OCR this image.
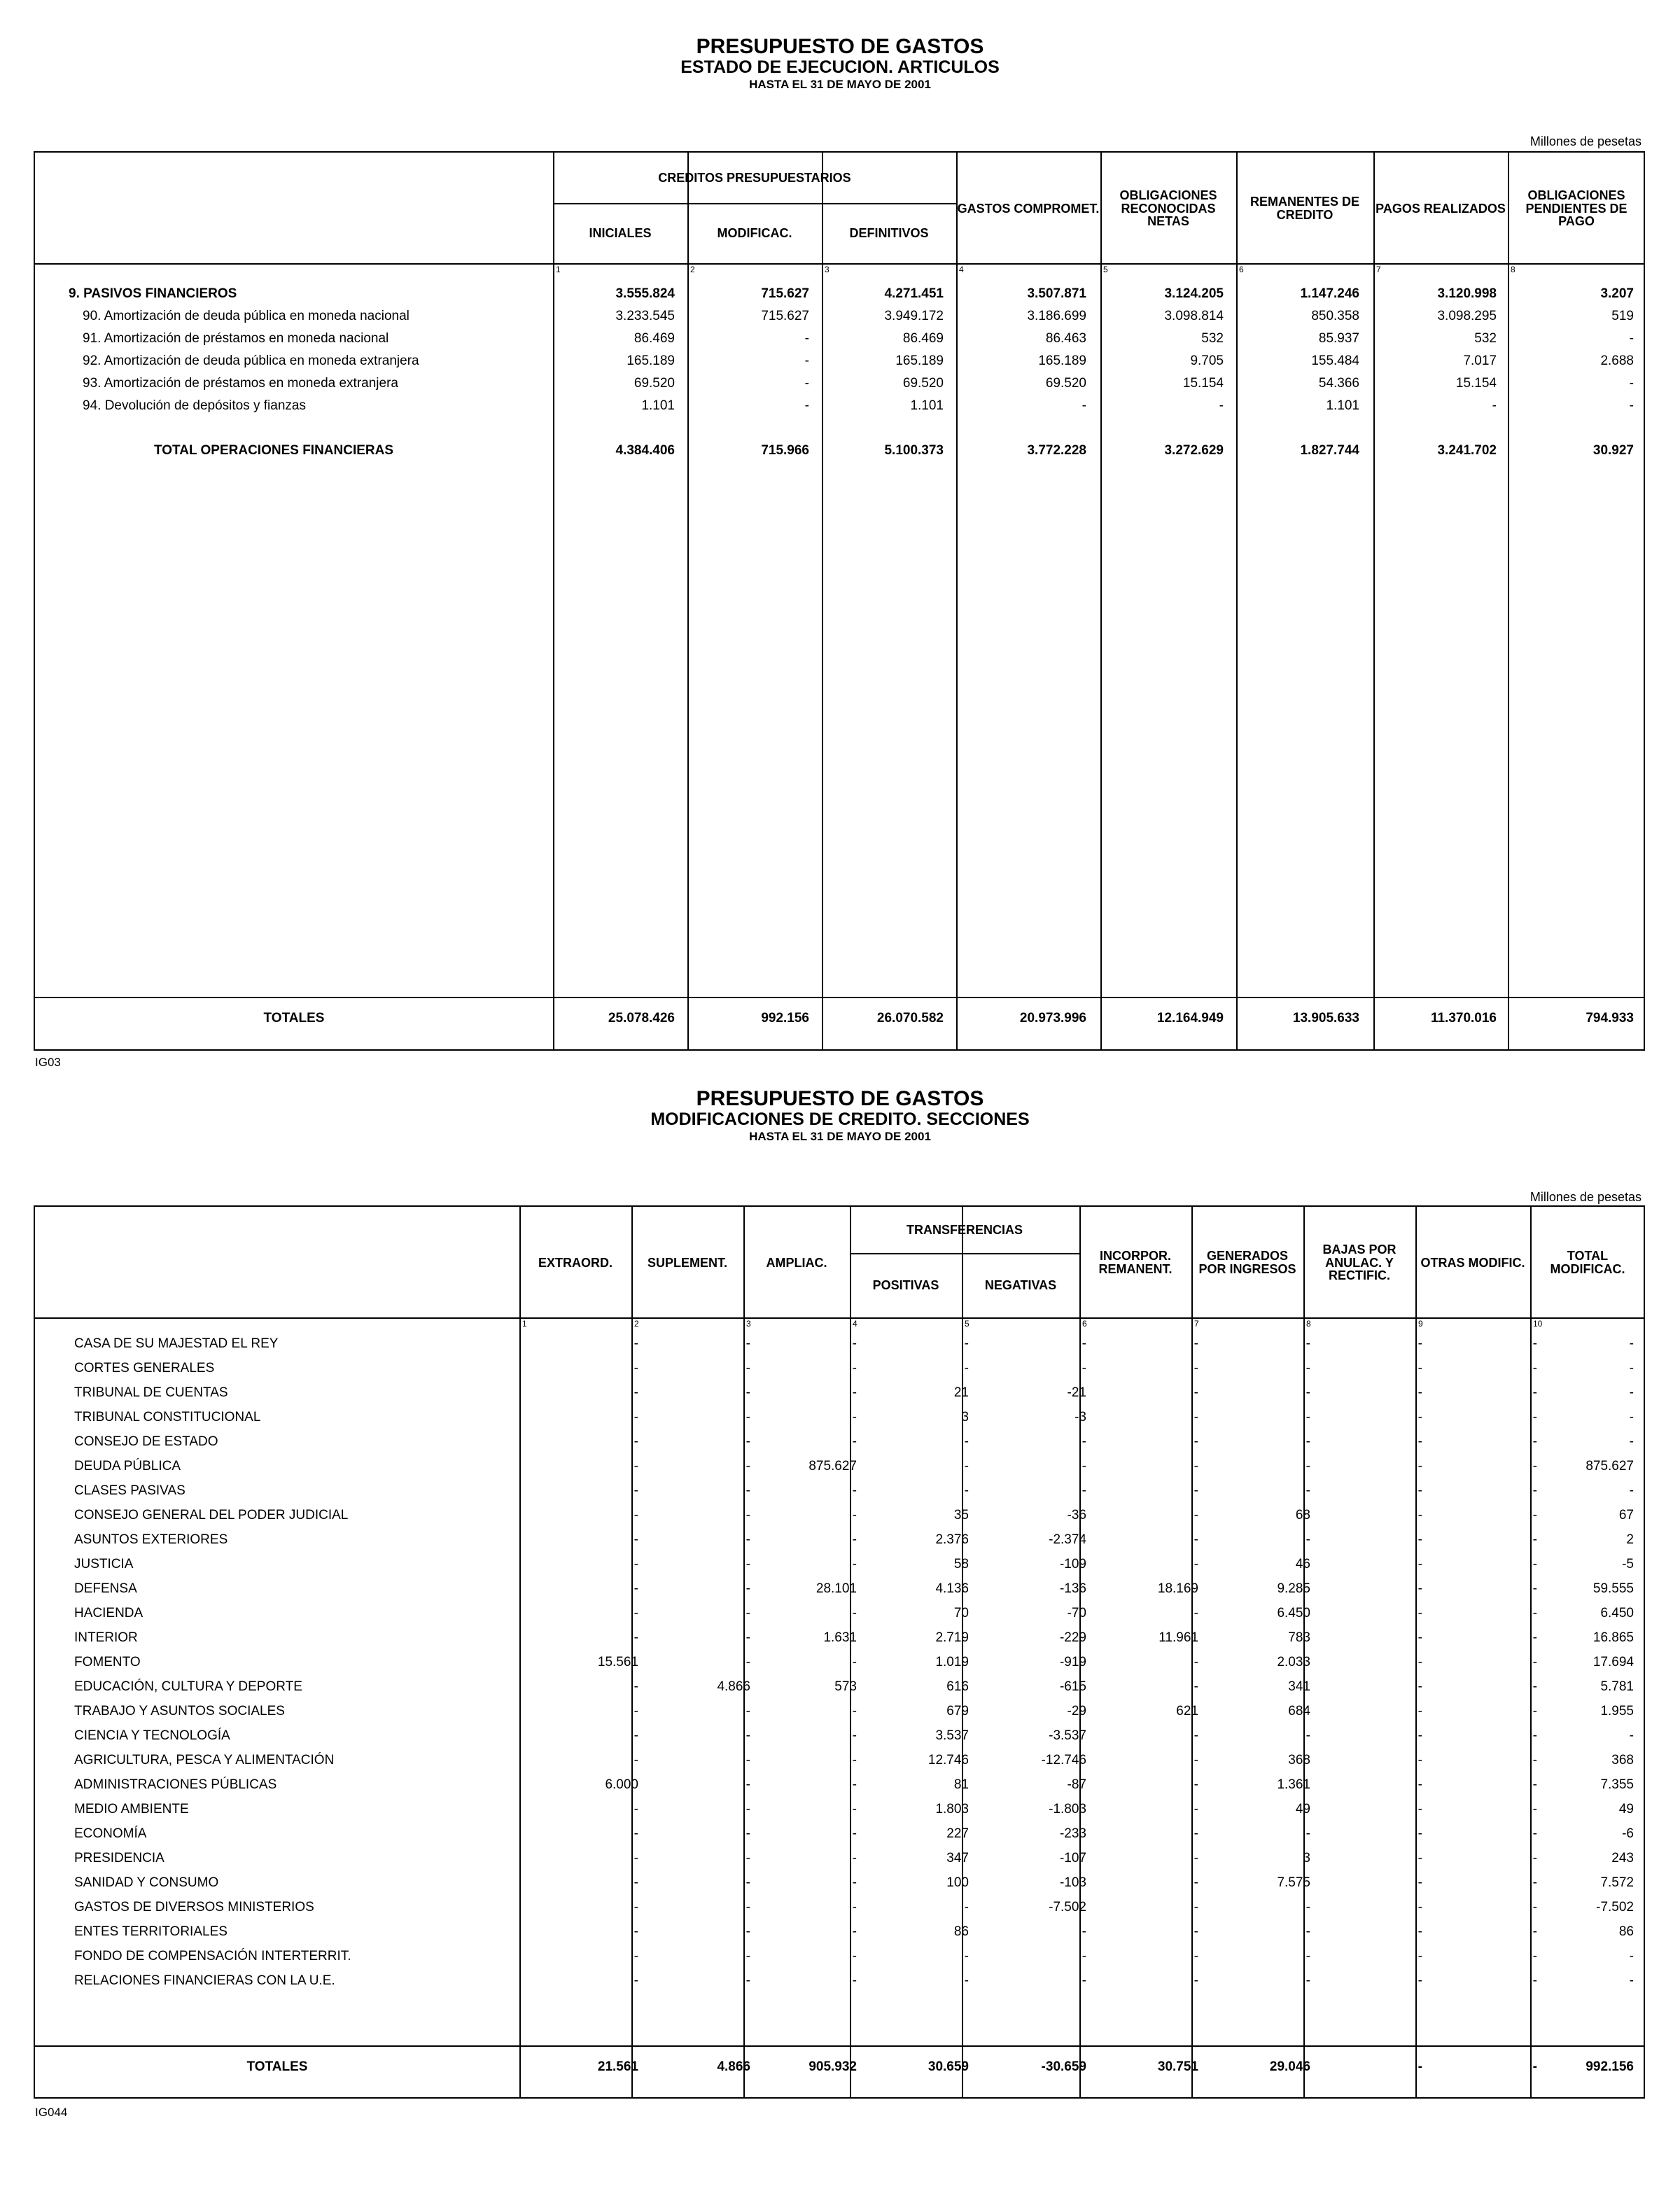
PRESUPUESTO DE GASTOS
ESTADO DE EJECUCION. ARTICULOS
HASTA EL 31 DE MAYO DE 2001
Millones de pesetas
CREDITOS PRESUPUESTARIOS
INICIALES	MODIFICAC.	DEFINITIVOS
GASTOS COMPROMET.
OBLIGACIONES RECONOCIDAS NETAS
REMANENTES DE CREDITO	PAGOS REALIZADOS
OBLIGACIONES PENDIENTES DE PAGO
1	2	3	4	5	6	7	8
9. PASIVOS FINANCIEROS	3.555.824	715.627	4.271.451	3.507.871	3.124.205	1.147.246	3.120.998	3.207
90. Amortización de deuda pública en moneda nacional	3.233.545	715.627	3.949.172	3.186.699	3.098.814	850.358	3.098.295	519
91. Amortización de préstamos en moneda nacional	86.469	-	86.469	86.463	532	85.937	532	-
92. Amortización de deuda pública en moneda extranjera	165.189	-	165.189	165.189	9.705	155.484	7.017	2.688
93. Amortización de préstamos en moneda extranjera	69.520	-	69.520	69.520	15.154	54.366	15.154	-
94. Devolución de depósitos y fianzas	1.101	-	1.101	-	-	1.101	-	-
TOTAL OPERACIONES FINANCIERAS	4.384.406	715.966	5.100.373	3.772.228	3.272.629	1.827.744	3.241.702	30.927
TOTALES	25.078.426	992.156	26.070.582	20.973.996	12.164.949	13.905.633	11.370.016	794.933
IG03
PRESUPUESTO DE GASTOS
MODIFICACIONES DE CREDITO. SECCIONES
HASTA EL 31 DE MAYO DE 2001
Millones de pesetas
EXTRAORD.	SUPLEMENT.	AMPLIAC.
TRANSFERENCIAS
POSITIVAS	NEGATIVAS
INCORPOR. REMANENT.
GENERADOS POR INGRESOS
BAJAS POR ANULAC. Y RECTIFIC.
OTRAS MODIFIC.	TOTAL MODIFICAC.
1	2	3	4	5	6	7	8	9	10
CASA DE SU MAJESTAD EL REY	-	-	-	-	-	-	-	-	-	-
CORTES GENERALES	-	-	-	-	-	-	-	-	-	-
TRIBUNAL DE CUENTAS	-	-	-	21	-21	-	-	-	-	-
TRIBUNAL CONSTITUCIONAL	-	-	-	3	-3	-	-	-	-	-
CONSEJO DE ESTADO	-	-	-	-	-	-	-	-	-	-
DEUDA PÚBLICA	-	-	875.627	-	-	-	-	-	-	875.627
CLASES PASIVAS	-	-	-	-	-	-	-	-	-	-
CONSEJO GENERAL DEL PODER JUDICIAL	-	-	-	35	-36	-	68	-	-	67
ASUNTOS EXTERIORES	-	-	-	2.376	-2.374	-	-	-	-	2
JUSTICIA	-	-	-	58	-109	-	46	-	-	-5
DEFENSA	-	-	28.101	4.136	-136	18.169	9.285	-	-	59.555
HACIENDA	-	-	-	70	-70	-	6.450	-	-	6.450
INTERIOR	-	-	1.631	2.719	-229	11.961	783	-	-	16.865
FOMENTO	15.561	-	-	1.019	-919	-	2.033	-	-	17.694
EDUCACIÓN, CULTURA Y DEPORTE	-	4.866	573	616	-615	-	341	-	-	5.781
TRABAJO Y ASUNTOS SOCIALES	-	-	-	679	-29	621	684	-	-	1.955
CIENCIA Y TECNOLOGÍA	-	-	-	3.537	-3.537	-	-	-	-	-
AGRICULTURA, PESCA Y ALIMENTACIÓN	-	-	-	12.746	-12.746	-	368	-	-	368
ADMINISTRACIONES PÚBLICAS	6.000	-	-	81	-87	-	1.361	-	-	7.355
MEDIO AMBIENTE	-	-	-	1.803	-1.803	-	49	-	-	49
ECONOMÍA	-	-	-	227	-233	-	-	-	-	-6
PRESIDENCIA	-	-	-	347	-107	-	3	-	-	243
SANIDAD Y CONSUMO	-	-	-	100	-103	-	7.575	-	-	7.572
GASTOS DE DIVERSOS MINISTERIOS	-	-	-	-	-7.502	-	-	-	-	-7.502
ENTES TERRITORIALES	-	-	-	86	-	-	-	-	-	86
FONDO DE COMPENSACIÓN INTERTERRIT.	-	-	-	-	-	-	-	-	-	-
RELACIONES FINANCIERAS CON LA U.E.	-	-	-	-	-	-	-	-	-	-
TOTALES	21.561	4.866	905.932	30.659	-30.659	30.751	29.046	-	-	992.156
IG044
